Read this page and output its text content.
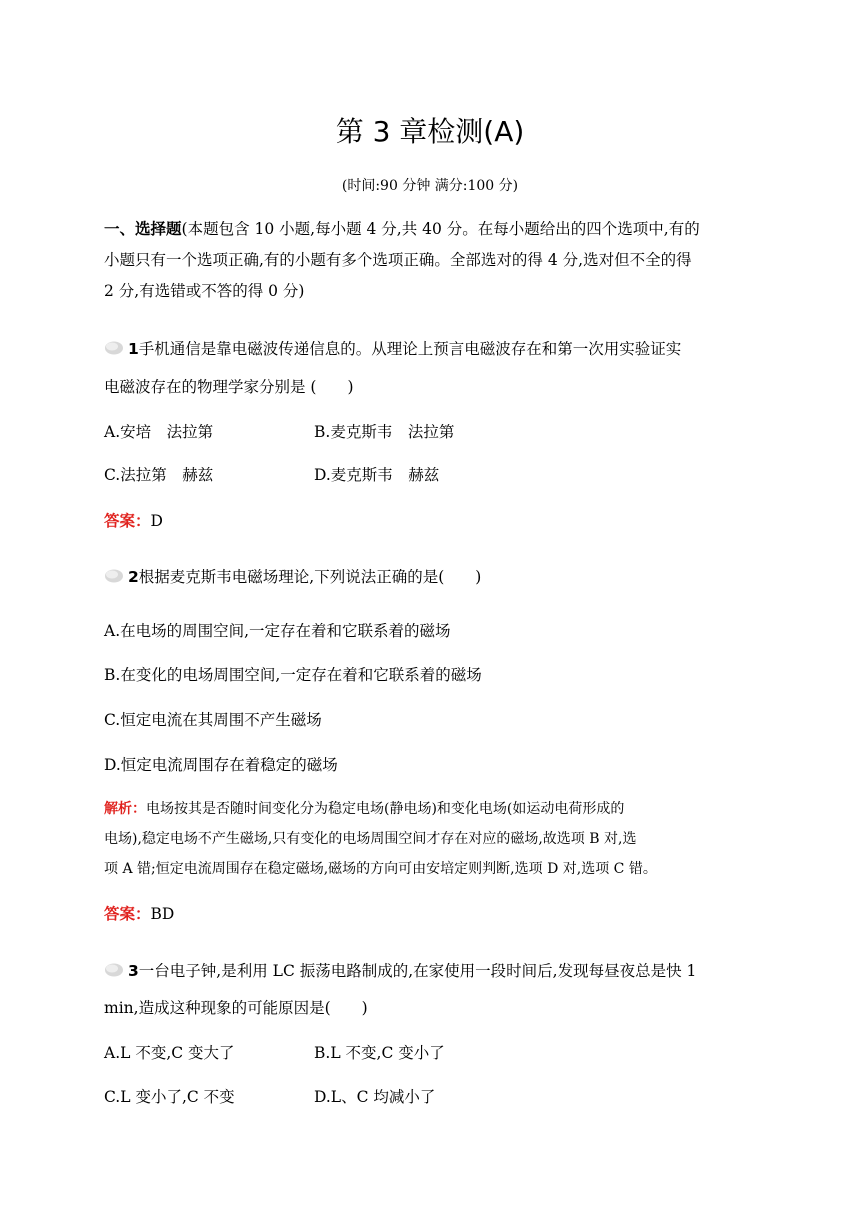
第 3 章检测(A)
(时间:90 分钟 满分:100 分)
一、选择题(本题包含 10 小题,每小题 4 分,共 40 分。在每小题给出的四个选项中,有的
小题只有一个选项正确,有的小题有多个选项正确。全部选对的得 4 分,选对但不全的得
2 分,有选错或不答的得 0 分)
1手机通信是靠电磁波传递信息的。从理论上预言电磁波存在和第一次用实验证实
电磁波存在的物理学家分别是 (　　)
A.安培　法拉第	B.麦克斯韦　法拉第
C.法拉第　赫兹	D.麦克斯韦　赫兹
答案：D
2根据麦克斯韦电磁场理论,下列说法正确的是(　　)
A.在电场的周围空间,一定存在着和它联系着的磁场
B.在变化的电场周围空间,一定存在着和它联系着的磁场
C.恒定电流在其周围不产生磁场
D.恒定电流周围存在着稳定的磁场
解析：电场按其是否随时间变化分为稳定电场(静电场)和变化电场(如运动电荷形成的
电场),稳定电场不产生磁场,只有变化的电场周围空间才存在对应的磁场,故选项 B 对,选
项 A 错;恒定电流周围存在稳定磁场,磁场的方向可由安培定则判断,选项 D 对,选项 C 错。
答案：BD
3一台电子钟,是利用 LC 振荡电路制成的,在家使用一段时间后,发现每昼夜总是快 1
min,造成这种现象的可能原因是(　　)
A.L 不变,C 变大了	B.L 不变,C 变小了
C.L 变小了,C 不变	D.L、C 均减小了
